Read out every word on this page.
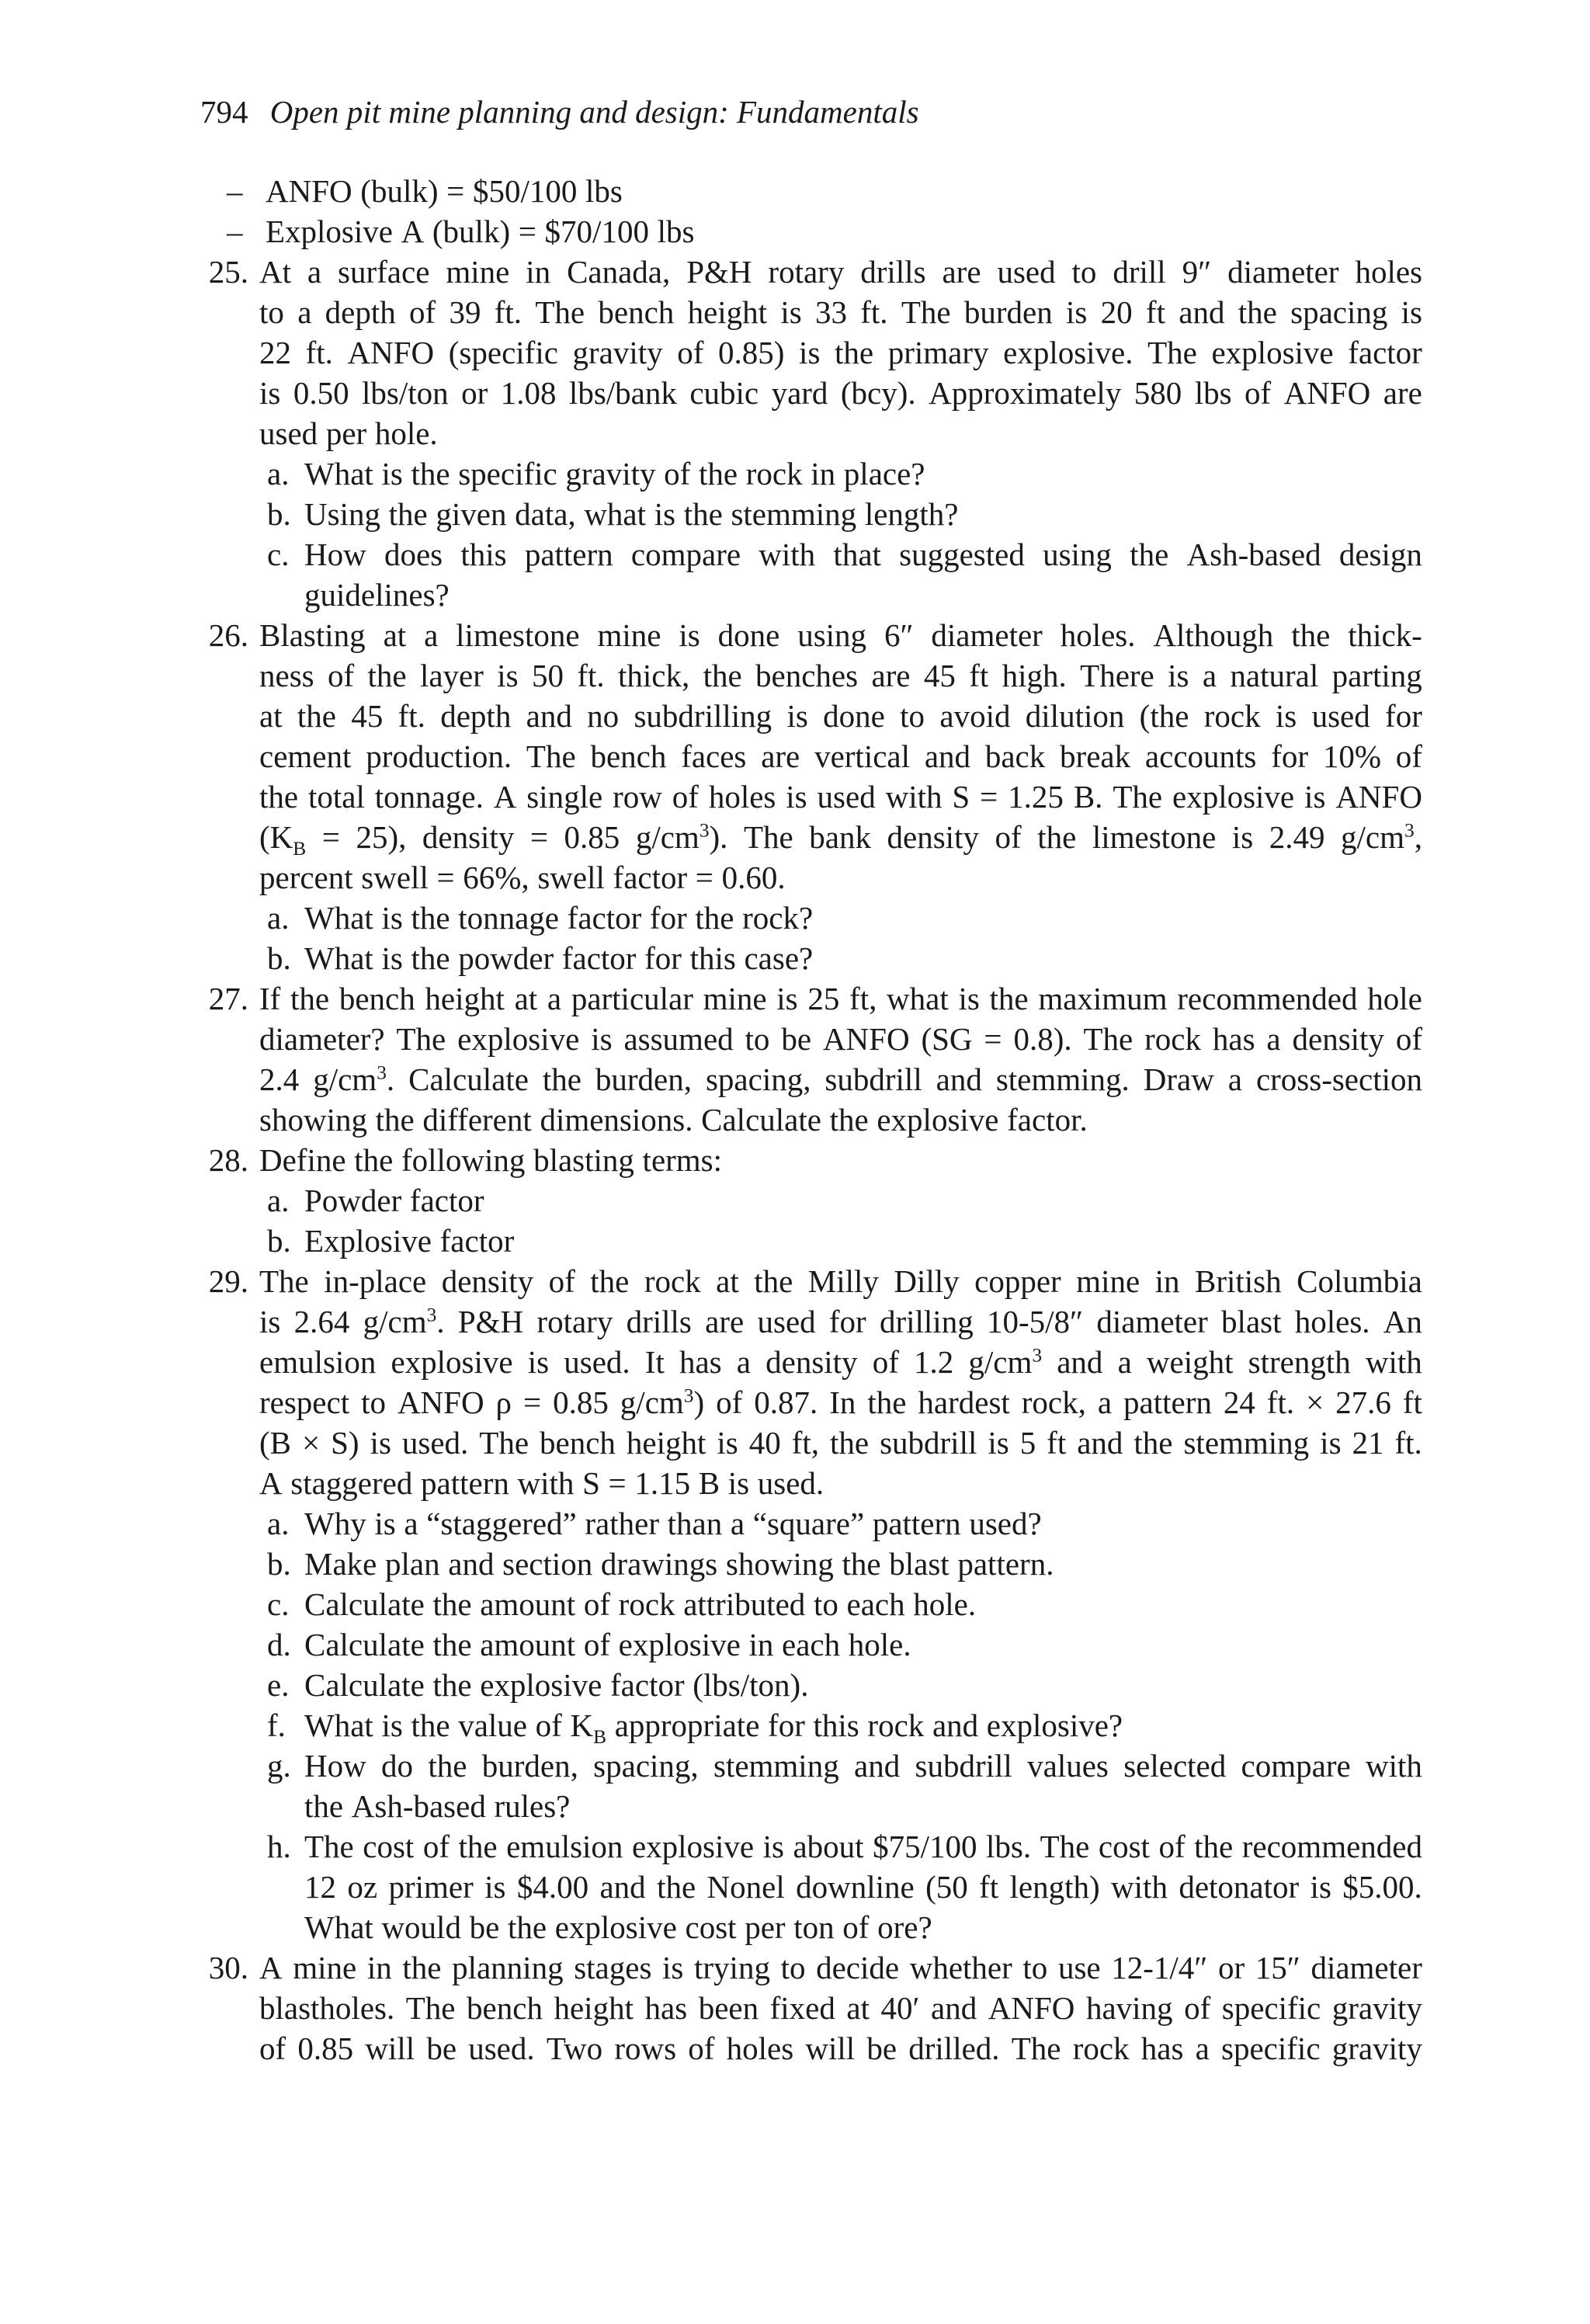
794 Open pit mine planning and design: Fundamentals
– ANFO (bulk) = $50/100 lbs
– Explosive A (bulk) = $70/100 lbs
25. At a surface mine in Canada, P&H rotary drills are used to drill 9″ diameter holes
to a depth of 39 ft. The bench height is 33 ft. The burden is 20 ft and the spacing is
22 ft. ANFO (specific gravity of 0.85) is the primary explosive. The explosive factor
is 0.50 lbs/ton or 1.08 lbs/bank cubic yard (bcy). Approximately 580 lbs of ANFO are
used per hole.
a. What is the specific gravity of the rock in place?
b. Using the given data, what is the stemming length?
c. How does this pattern compare with that suggested using the Ash-based design
guidelines?
26. Blasting at a limestone mine is done using 6″ diameter holes. Although the thick-
ness of the layer is 50 ft. thick, the benches are 45 ft high. There is a natural parting
at the 45 ft. depth and no subdrilling is done to avoid dilution (the rock is used for
cement production. The bench faces are vertical and back break accounts for 10% of
the total tonnage. A single row of holes is used with S = 1.25 B. The explosive is ANFO
$(K_B = 25)$, density = 0.85 $g/cm^3$). The bank density of the limestone is 2.49 $g/cm^3$,
percent swell = 66%, swell factor = 0.60.
a. What is the tonnage factor for the rock?
b. What is the powder factor for this case?
27. If the bench height at a particular mine is 25 ft, what is the maximum recommended hole
diameter? The explosive is assumed to be ANFO (SG = 0.8). The rock has a density of
2.4 $g/cm^3$. Calculate the burden, spacing, subdrill and stemming. Draw a cross-section
showing the different dimensions. Calculate the explosive factor.
28. Define the following blasting terms:
a. Powder factor
b. Explosive factor
29. The in-place density of the rock at the Milly Dilly copper mine in British Columbia
is 2.64 $g/cm^3$. P&H rotary drills are used for drilling 10-5/8″ diameter blast holes. An
emulsion explosive is used. It has a density of 1.2 $g/cm^3$ and a weight strength with
respect to ANFO ρ = 0.85 $g/cm^3$) of 0.87. In the hardest rock, a pattern 24 ft. × 27.6 ft
(B × S) is used. The bench height is 40 ft, the subdrill is 5 ft and the stemming is 21 ft.
A staggered pattern with S = 1.15 B is used.
a. Why is a “staggered” rather than a “square” pattern used?
b. Make plan and section drawings showing the blast pattern.
c. Calculate the amount of rock attributed to each hole.
d. Calculate the amount of explosive in each hole.
e. Calculate the explosive factor (lbs/ton).
f. What is the value of $K_B$ appropriate for this rock and explosive?
g. How do the burden, spacing, stemming and subdrill values selected compare with
the Ash-based rules?
h. The cost of the emulsion explosive is about $75/100 lbs. The cost of the recommended
12 oz primer is $4.00 and the Nonel downline (50 ft length) with detonator is $5.00.
What would be the explosive cost per ton of ore?
30. A mine in the planning stages is trying to decide whether to use 12-1/4″ or 15″ diameter
blastholes. The bench height has been fixed at 40′ and ANFO having of specific gravity
of 0.85 will be used. Two rows of holes will be drilled. The rock has a specific gravity
